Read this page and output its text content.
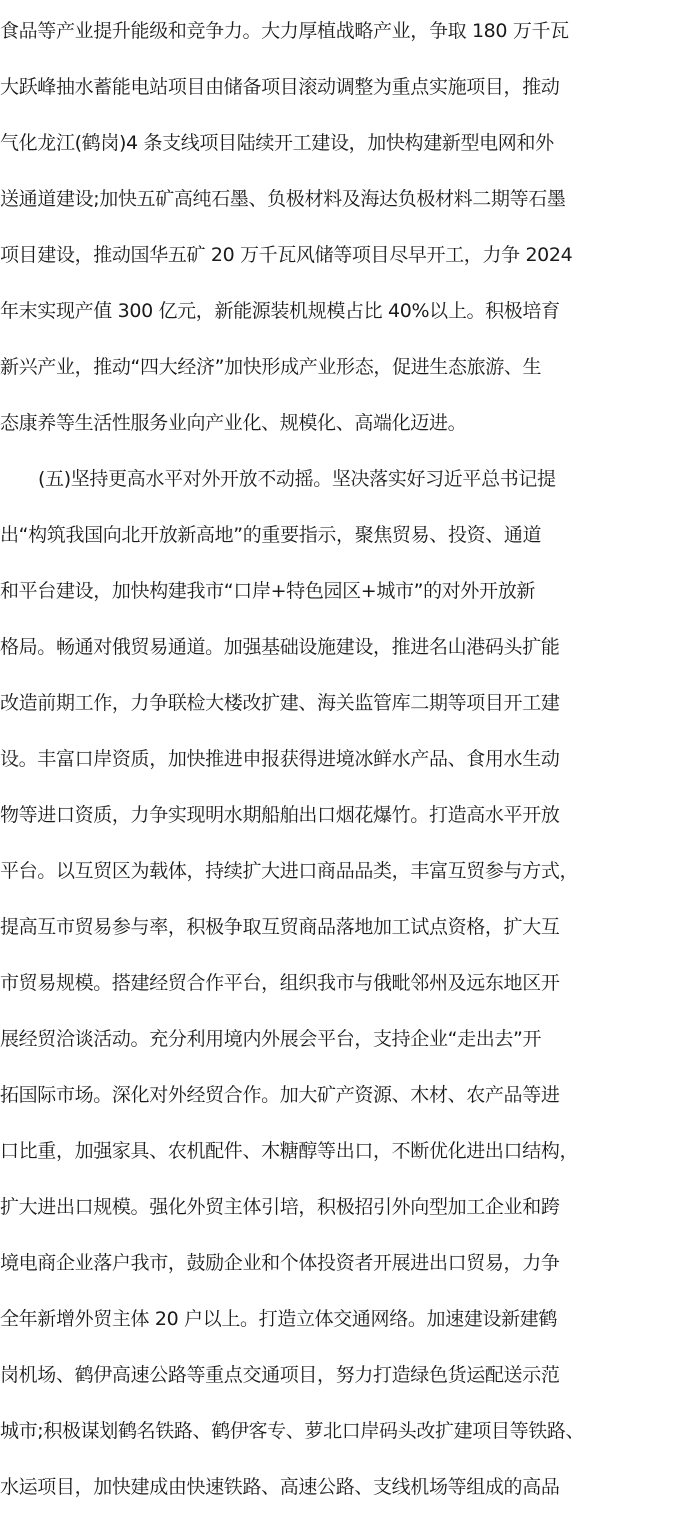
食品等产业提升能级和竞争力。大力厚植战略产业，争取 180 万千瓦
大跃峰抽水蓄能电站项目由储备项目滚动调整为重点实施项目，推动
气化龙江(鹤岗)4 条支线项目陆续开工建设，加快构建新型电网和外
送通道建设;加快五矿高纯石墨、负极材料及海达负极材料二期等石墨
项目建设，推动国华五矿 20 万千瓦风储等项目尽早开工，力争 2024
年末实现产值 300 亿元，新能源装机规模占比 40%以上。积极培育
新兴产业，推动“四大经济”加快形成产业形态，促进生态旅游、生
态康养等生活性服务业向产业化、规模化、高端化迈进。
(五)坚持更高水平对外开放不动摇。坚决落实好习近平总书记提
出“构筑我国向北开放新高地”的重要指示，聚焦贸易、投资、通道
和平台建设，加快构建我市“口岸+特色园区+城市”的对外开放新
格局。畅通对俄贸易通道。加强基础设施建设，推进名山港码头扩能
改造前期工作，力争联检大楼改扩建、海关监管库二期等项目开工建
设。丰富口岸资质，加快推进申报获得进境冰鲜水产品、食用水生动
物等进口资质，力争实现明水期船舶出口烟花爆竹。打造高水平开放
平台。以互贸区为载体，持续扩大进口商品品类，丰富互贸参与方式，
提高互市贸易参与率，积极争取互贸商品落地加工试点资格，扩大互
市贸易规模。搭建经贸合作平台，组织我市与俄毗邻州及远东地区开
展经贸洽谈活动。充分利用境内外展会平台，支持企业“走出去”开
拓国际市场。深化对外经贸合作。加大矿产资源、木材、农产品等进
口比重，加强家具、农机配件、木糖醇等出口，不断优化进出口结构，
扩大进出口规模。强化外贸主体引培，积极招引外向型加工企业和跨
境电商企业落户我市，鼓励企业和个体投资者开展进出口贸易，力争
全年新增外贸主体 20 户以上。打造立体交通网络。加速建设新建鹤
岗机场、鹤伊高速公路等重点交通项目，努力打造绿色货运配送示范
城市;积极谋划鹤名铁路、鹤伊客专、萝北口岸码头改扩建项目等铁路、
水运项目，加快建成由快速铁路、高速公路、支线机场等组成的高品
